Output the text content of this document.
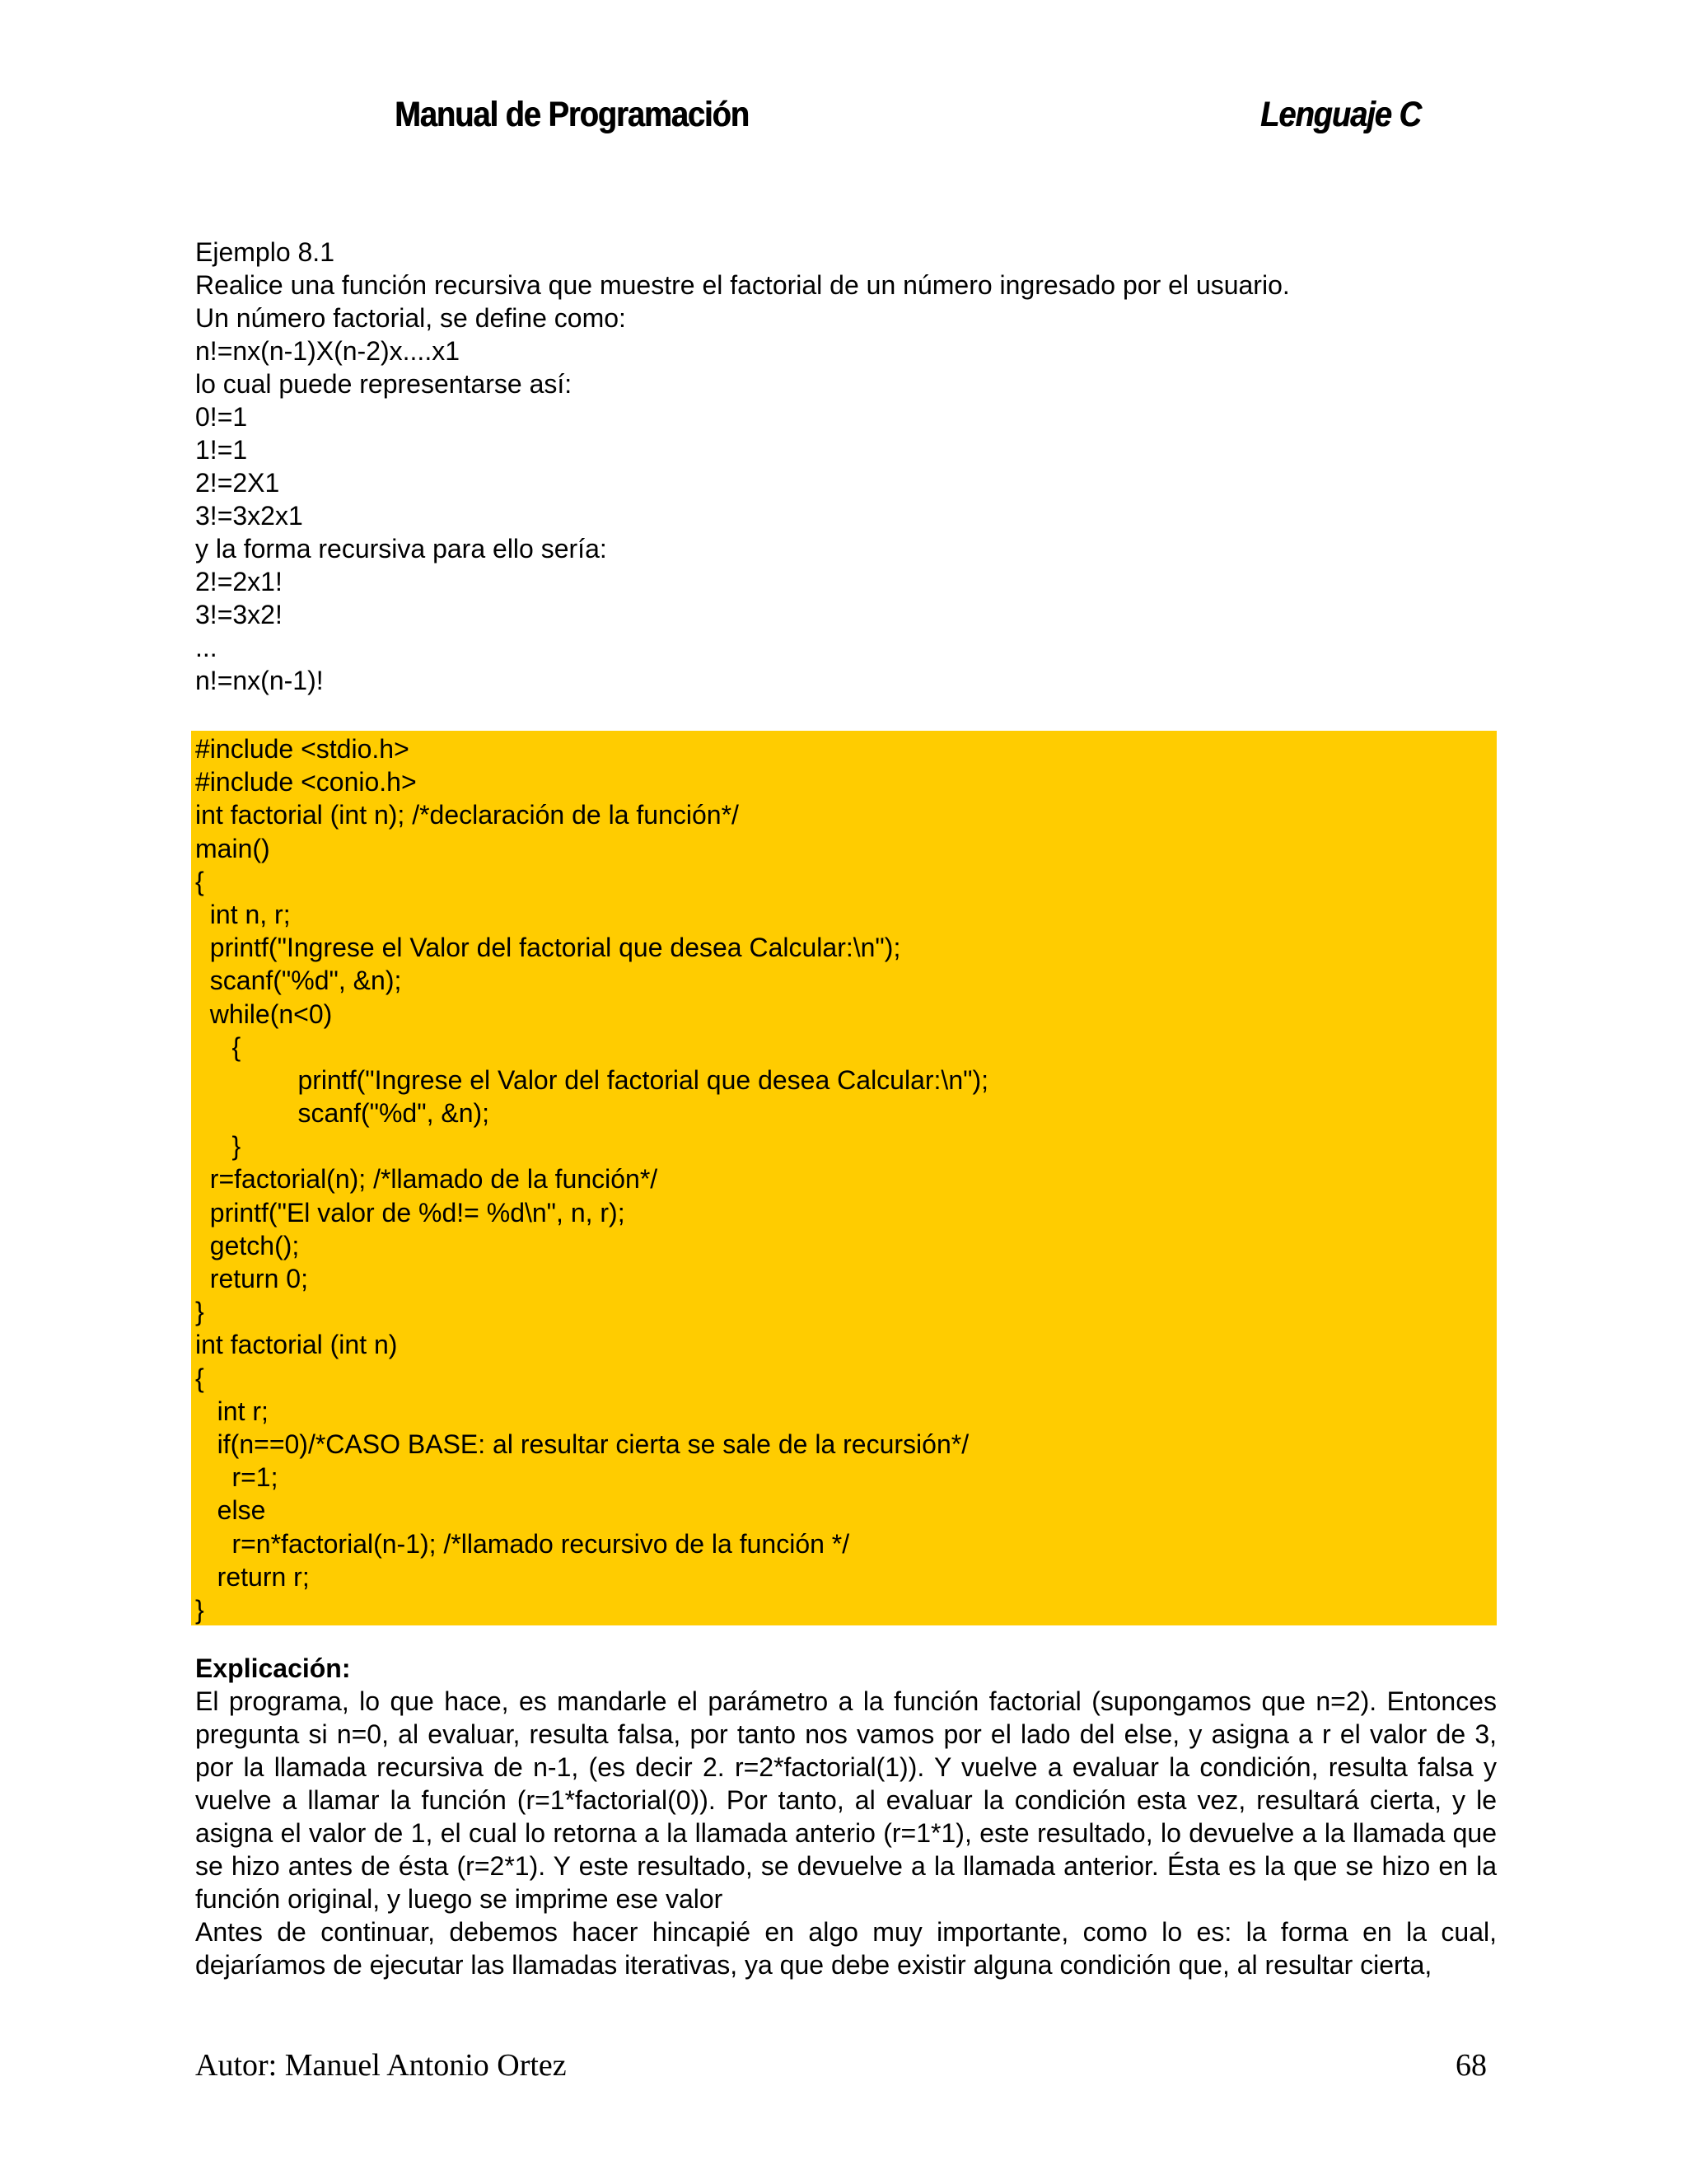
Manual de Programación	Lenguaje C
Ejemplo 8.1
Realice una función recursiva que muestre el factorial de un número ingresado por el usuario.
Un número factorial, se define como:
n!=nx(n-1)X(n-2)x....x1
lo cual puede representarse así:
0!=1
1!=1
2!=2X1
3!=3x2x1
y la forma recursiva para ello sería:
2!=2x1!
3!=3x2!
...
n!=nx(n-1)!
#include <stdio.h>
#include <conio.h>
int factorial (int n); /*declaración de la función*/
main()
{
int n, r;
printf("Ingrese el Valor del factorial que desea Calcular:\n");
scanf("%d", &n);
while(n<0)
{
printf("Ingrese el Valor del factorial que desea Calcular:\n");
scanf("%d", &n);
}
r=factorial(n); /*llamado de la función*/
printf("El valor de %d!= %d\n", n, r);
getch();
return 0;
}
int factorial (int n)
{
int r;
if(n==0)/*CASO BASE: al resultar cierta se sale de la recursión*/
r=1;
else
r=n*factorial(n-1); /*llamado recursivo de la función */
return r;
}
Explicación:

El programa, lo que hace, es mandarle el parámetro a la función factorial (supongamos que n=2). Entonces pregunta si n=0, al evaluar, resulta falsa, por tanto nos vamos por el lado del else, y asigna a r el valor de 3, por la llamada recursiva de n-1, (es decir 2. r=2*factorial(1)). Y vuelve a evaluar la condición, resulta falsa y vuelve a llamar la función (r=1*factorial(0)). Por tanto, al evaluar la condición esta vez, resultará cierta, y le asigna el valor de 1, el cual lo retorna a la llamada anterio (r=1*1), este resultado, lo devuelve a la llamada que se hizo antes de ésta (r=2*1). Y este resultado, se devuelve a la llamada anterior. Ésta es la que se hizo en la función original, y luego se imprime ese valor

Antes de continuar, debemos hacer hincapié en algo muy importante, como lo es: la forma en la cual, dejaríamos de ejecutar las llamadas iterativas, ya que debe existir alguna condición que, al resultar cierta,

Autor: Manuel Antonio Ortez	68
